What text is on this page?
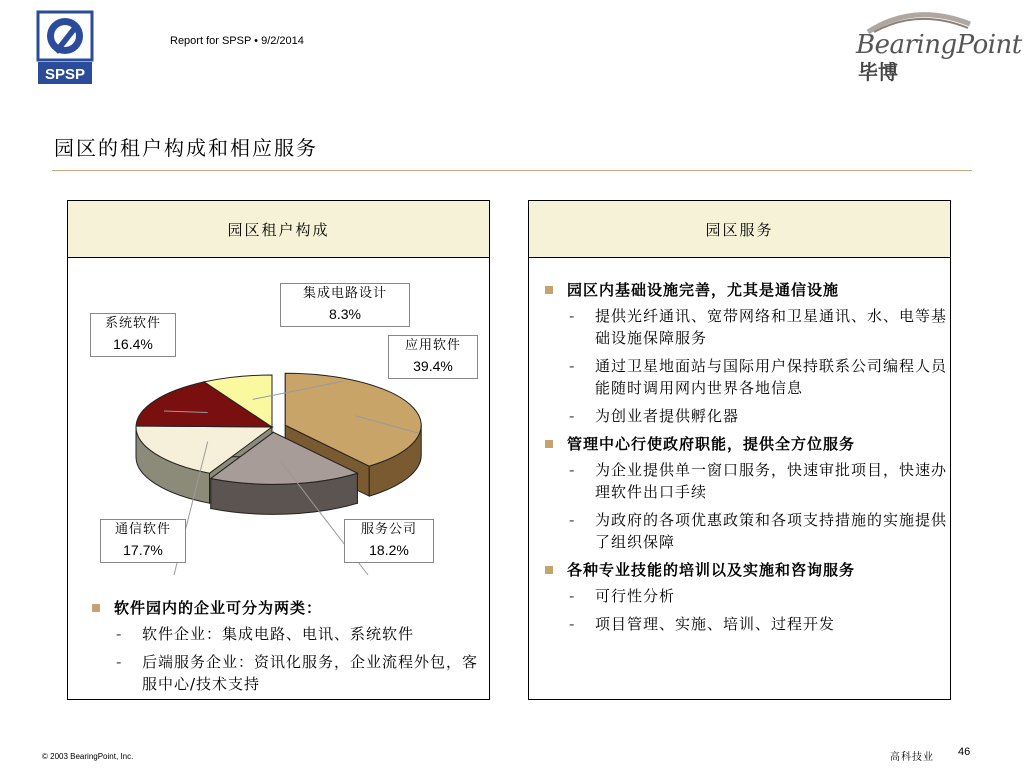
SPSP
Report for SPSP • 9/2/2014	BearingPoint
毕博
园区的租户构成和相应服务
园区租户构成
集成电路设计
8.3%
系统软件
16.4%	应用软件
39.4%
通信软件
17.7%
服务公司
18.2%
软件园内的企业可分为两类：
- 软件企业：集成电路、电讯、系统软件
- 后端服务企业：资讯化服务，企业流程外包，客服中心/技术支持
园区服务
园区内基础设施完善，尤其是通信设施
- 提供光纤通讯、宽带网络和卫星通讯、水、电等基础设施保障服务
- 通过卫星地面站与国际用户保持联系公司编程人员能随时调用网内世界各地信息
- 为创业者提供孵化器
管理中心行使政府职能，提供全方位服务
- 为企业提供单一窗口服务，快速审批项目，快速办理软件出口手续
- 为政府的各项优惠政策和各项支持措施的实施提供了组织保障
各种专业技能的培训以及实施和咨询服务
- 可行性分析
- 项目管理、实施、培训、过程开发
© 2003 BearingPoint, Inc.	高科技业 46
